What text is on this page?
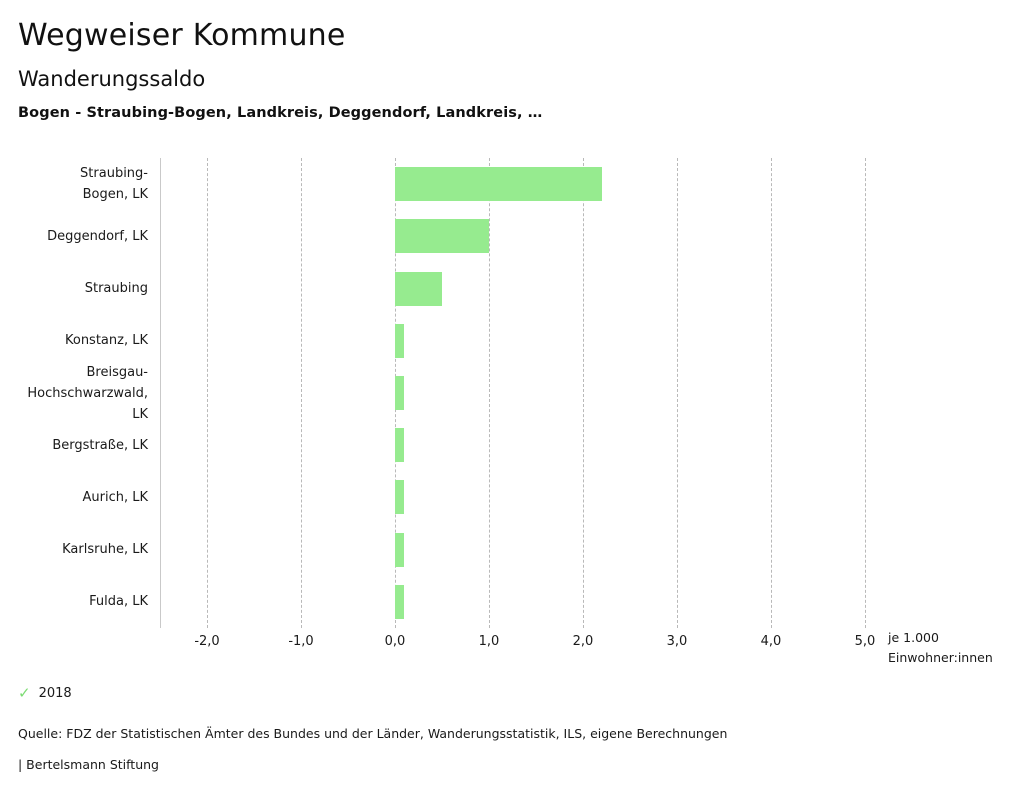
Wegweiser Kommune
Wanderungssaldo
Bogen - Straubing-Bogen, Landkreis, Deggendorf, Landkreis, …
Straubing-
Bogen, LK
Deggendorf, LK
Straubing
Konstanz, LK
Breisgau-
Hochschwarzwald,
LK
Bergstraße, LK
Aurich, LK
Karlsruhe, LK
Fulda, LK
-2,0	-1,0	0,0	1,0	2,0	3,0	4,0	5,0 je 1.000
Einwohner:innen
✓ 2018
Quelle: FDZ der Statistischen Ämter des Bundes und der Länder, Wanderungsstatistik, ILS, eigene Berechnungen
| Bertelsmann Stiftung
